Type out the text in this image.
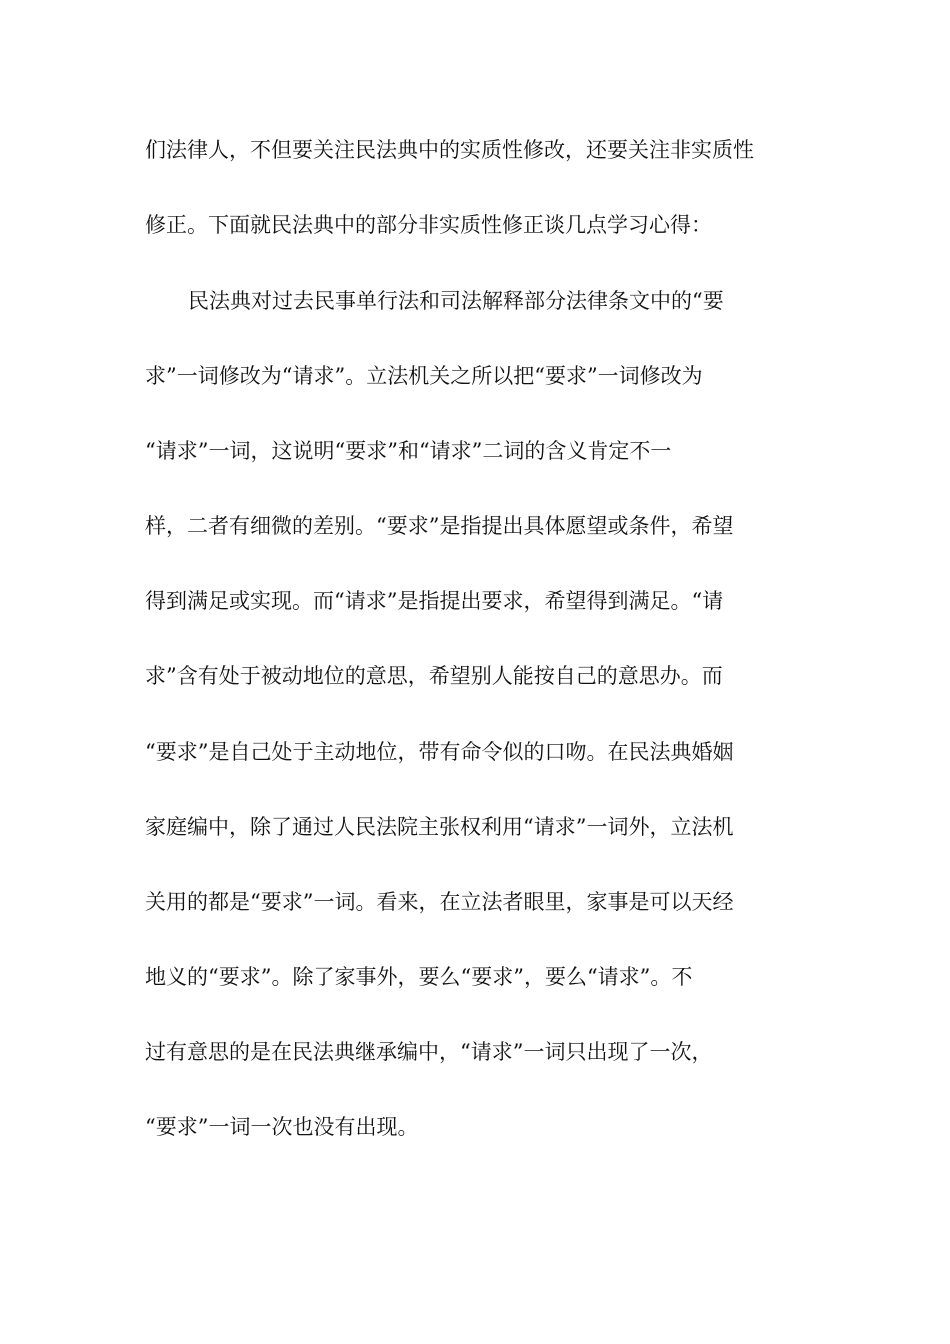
们法律人，不但要关注民法典中的实质性修改，还要关注非实质性
修正。下面就民法典中的部分非实质性修正谈几点学习心得：
民法典对过去民事单行法和司法解释部分法律条文中的“要
求”一词修改为“请求”。立法机关之所以把“要求”一词修改为
“请求”一词，这说明“要求”和“请求”二词的含义肯定不一
样，二者有细微的差别。“要求”是指提出具体愿望或条件，希望
得到满足或实现。而“请求”是指提出要求，希望得到满足。“请
求”含有处于被动地位的意思，希望别人能按自己的意思办。而
“要求”是自己处于主动地位，带有命令似的口吻。在民法典婚姻
家庭编中，除了通过人民法院主张权利用“请求”一词外，立法机
关用的都是“要求”一词。看来，在立法者眼里，家事是可以天经
地义的“要求”。除了家事外，要么“要求”，要么“请求”。不
过有意思的是在民法典继承编中，“请求”一词只出现了一次，
“要求”一词一次也没有出现。
